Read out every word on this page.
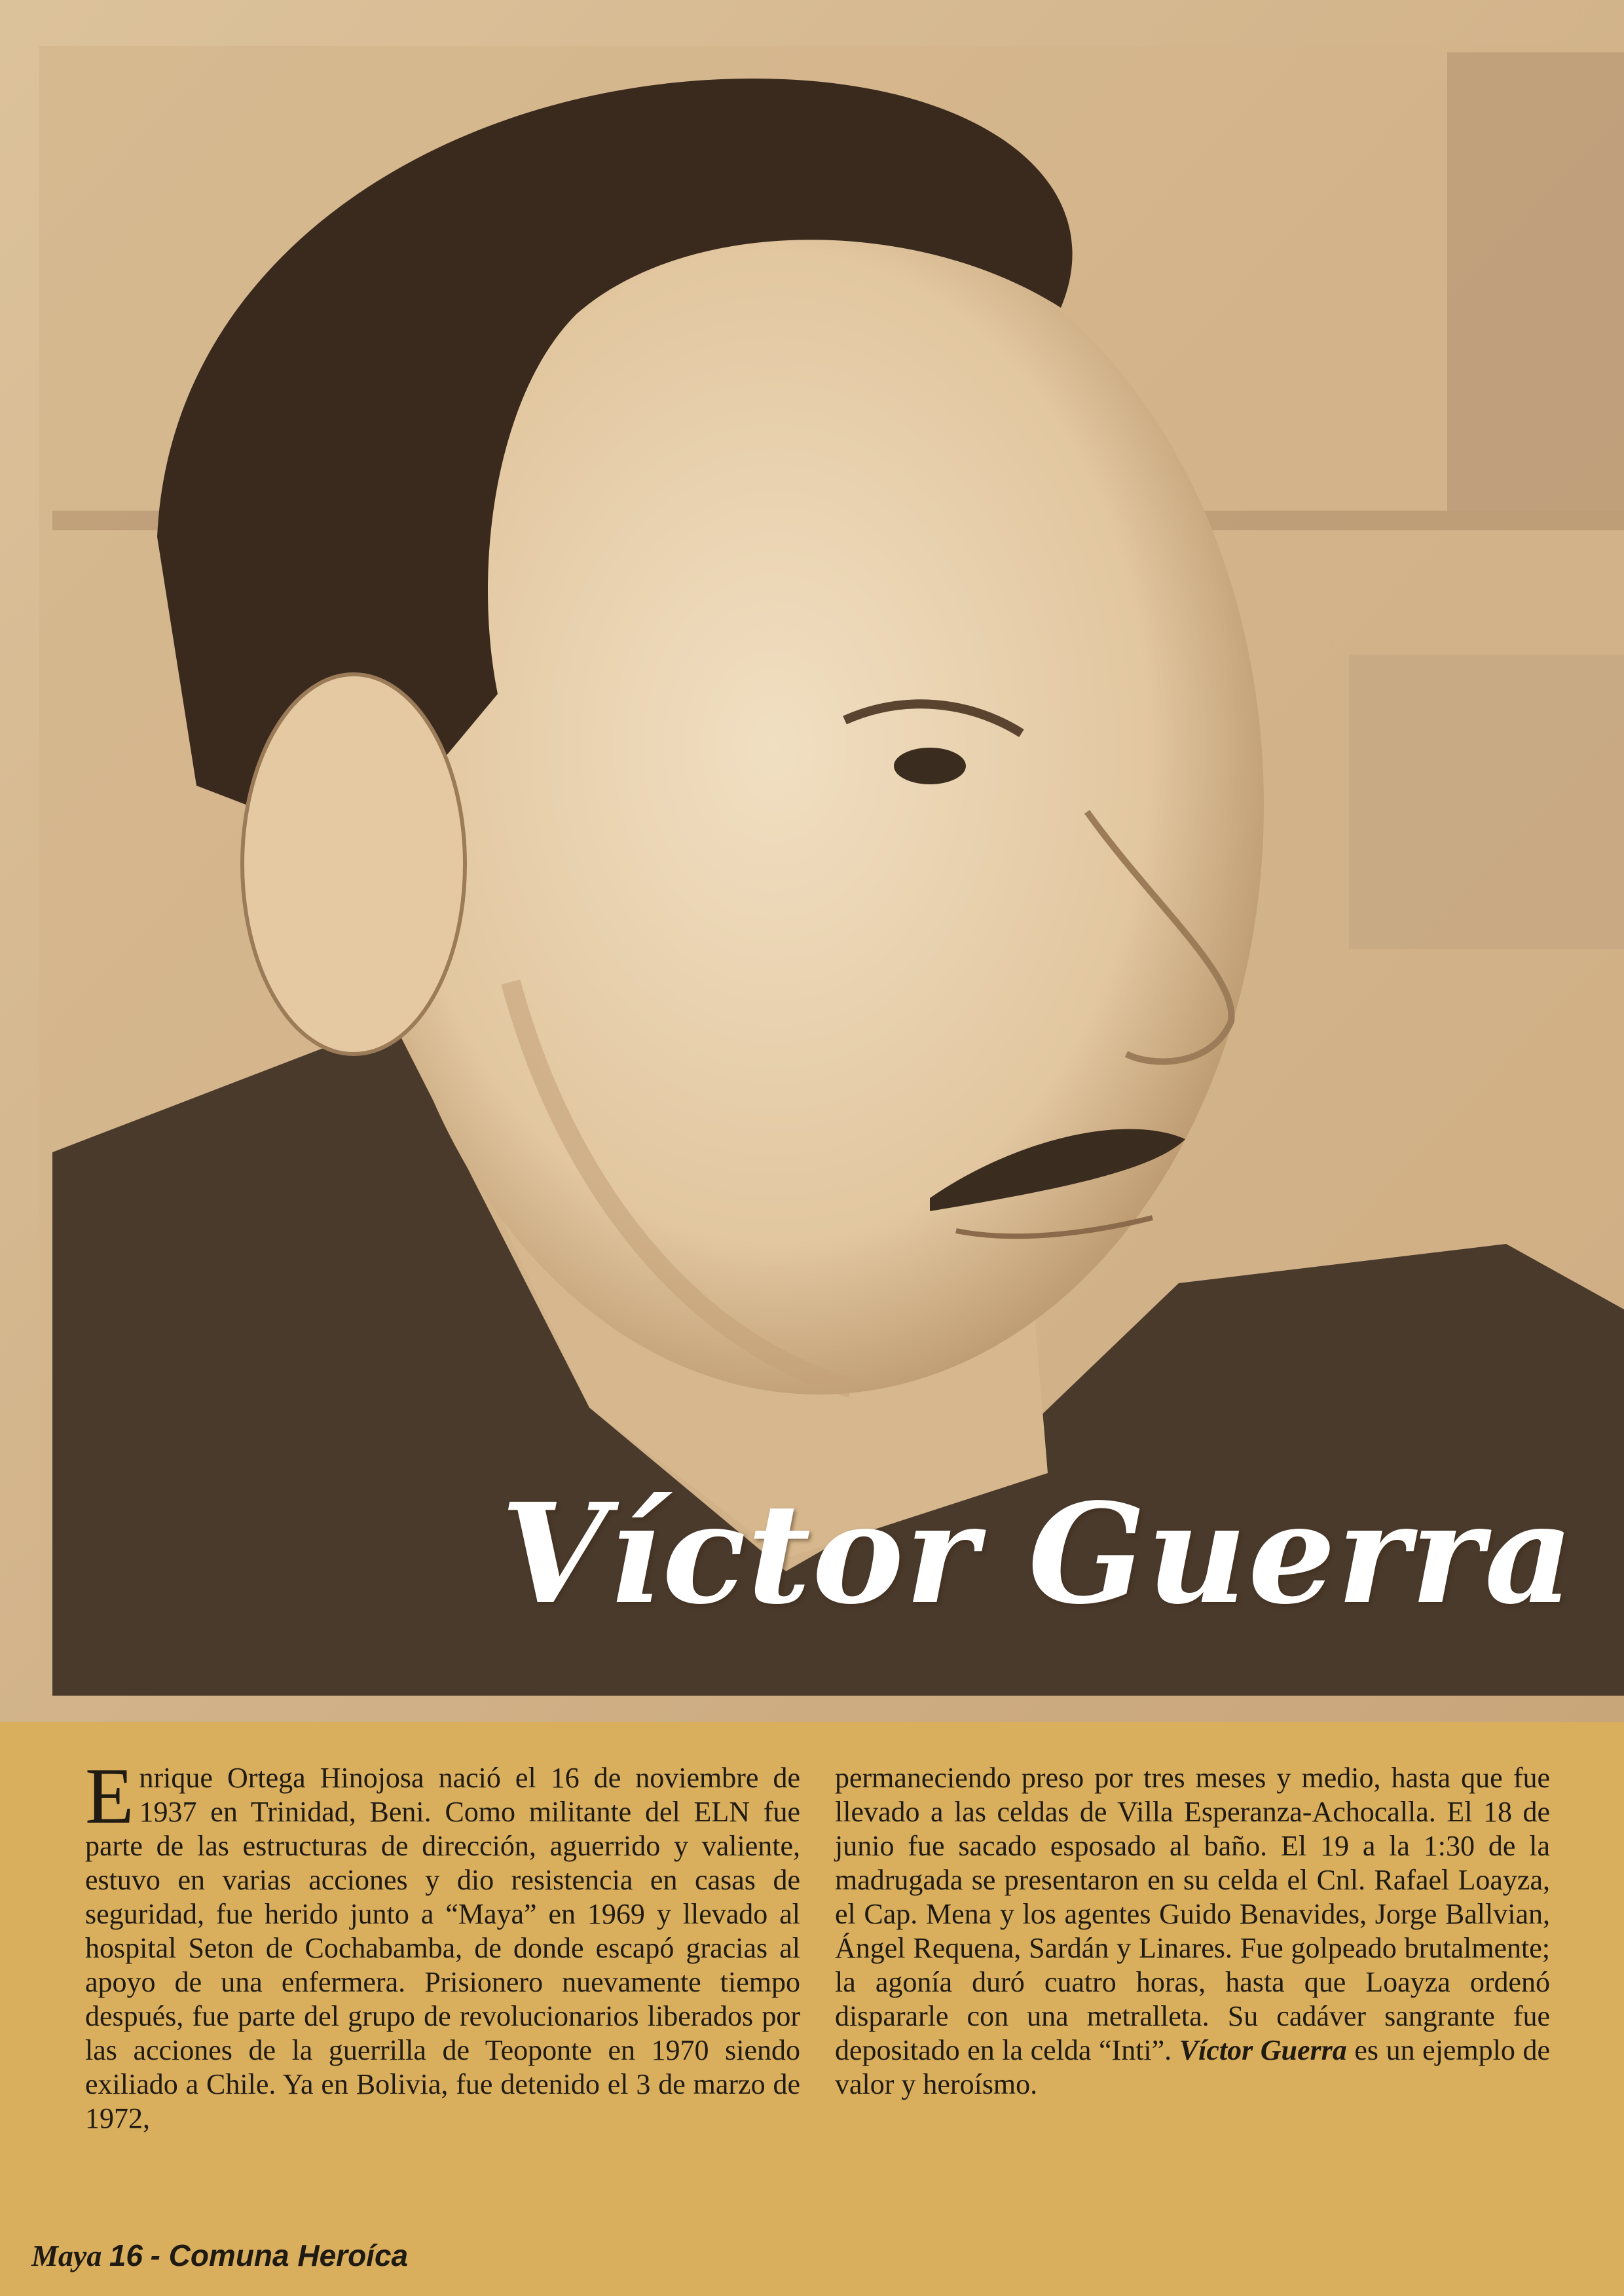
Víctor Guerra
Enrique Ortega Hinojosa nació el 16 de noviembre de 1937 en Trinidad, Beni. Como militante del ELN fue parte de las estructuras de dirección, aguerrido y valiente, estuvo en varias acciones y dio resistencia en casas de seguridad, fue herido junto a “Maya” en 1969 y llevado al hospital Seton de Cochabamba, de donde escapó gracias al apoyo de una enfermera. Prisionero nuevamente tiempo después, fue parte del grupo de revolucionarios liberados por las acciones de la guerrilla de Teoponte en 1970 siendo exiliado a Chile. Ya en Bolivia, fue detenido el 3 de marzo de 1972,
permaneciendo preso por tres meses y medio, hasta que fue llevado a las celdas de Villa Esperanza-Achocalla. El 18 de junio fue sacado esposado al baño. El 19 a la 1:30 de la madrugada se presentaron en su celda el Cnl. Rafael Loayza, el Cap. Mena y los agentes Guido Benavides, Jorge Ballvian, Ángel Requena, Sardán y Linares. Fue golpeado brutalmente; la agonía duró cuatro horas, hasta que Loayza ordenó dispararle con una metralleta. Su cadáver sangrante fue depositado en la celda “Inti”. Víctor Guerra es un ejemplo de valor y heroísmo.
Maya 16 - Comuna Heroíca
